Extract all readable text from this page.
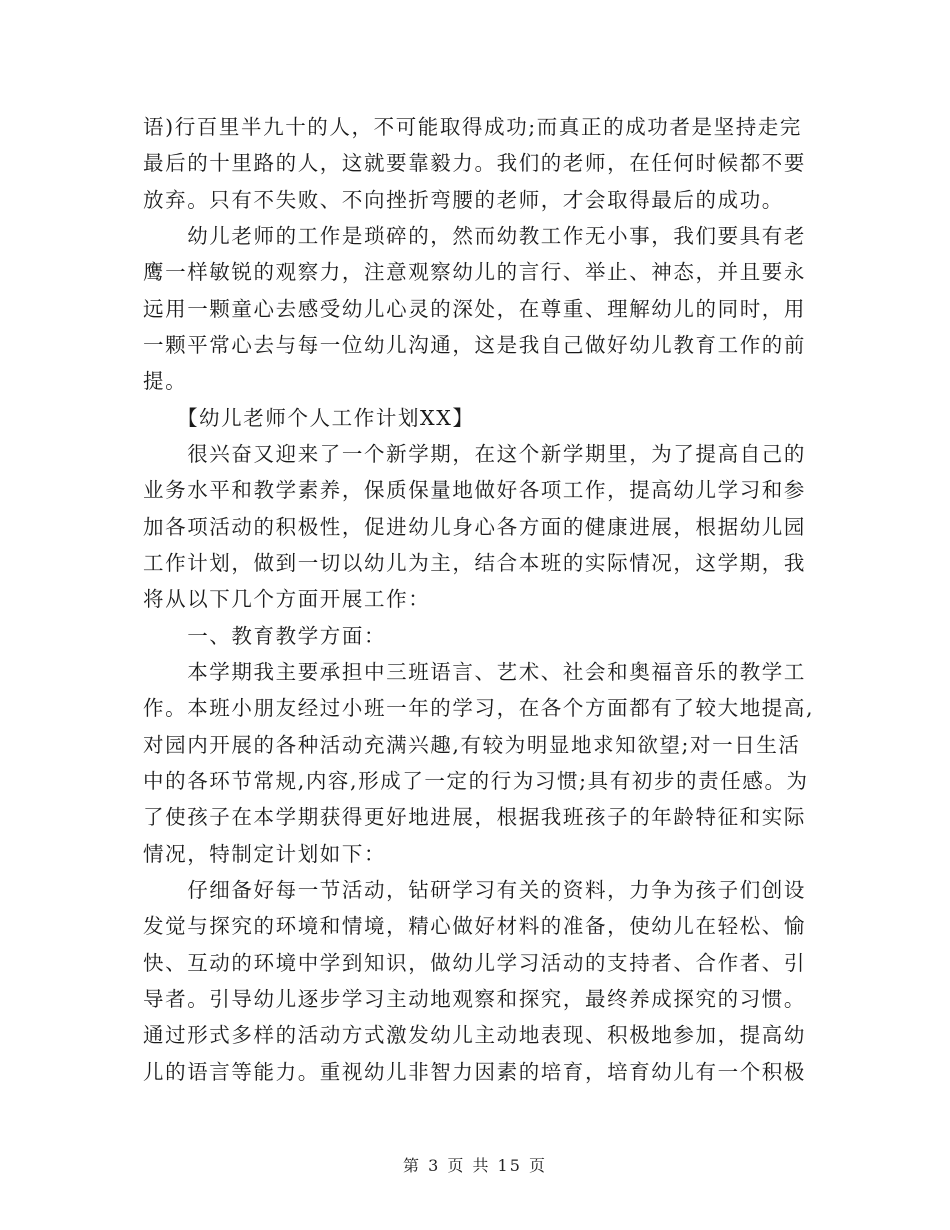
语)行百里半九十的人，不可能取得成功;而真正的成功者是坚持走完
最后的十里路的人，这就要靠毅力。我们的老师，在任何时候都不要
放弃。只有不失败、不向挫折弯腰的老师，才会取得最后的成功。
　　幼儿老师的工作是琐碎的，然而幼教工作无小事，我们要具有老
鹰一样敏锐的观察力，注意观察幼儿的言行、举止、神态，并且要永
远用一颗童心去感受幼儿心灵的深处，在尊重、理解幼儿的同时，用
一颗平常心去与每一位幼儿沟通，这是我自己做好幼儿教育工作的前
提。
　　【幼儿老师个人工作计划XX】
　　很兴奋又迎来了一个新学期，在这个新学期里，为了提高自己的
业务水平和教学素养，保质保量地做好各项工作，提高幼儿学习和参
加各项活动的积极性，促进幼儿身心各方面的健康进展，根据幼儿园
工作计划，做到一切以幼儿为主，结合本班的实际情况，这学期，我
将从以下几个方面开展工作：
　　一、教育教学方面：
　　本学期我主要承担中三班语言、艺术、社会和奥福音乐的教学工
作。本班小朋友经过小班一年的学习，在各个方面都有了较大地提高,
对园内开展的各种活动充满兴趣,有较为明显地求知欲望;对一日生活
中的各环节常规,内容,形成了一定的行为习惯;具有初步的责任感。为
了使孩子在本学期获得更好地进展，根据我班孩子的年龄特征和实际
情况，特制定计划如下：
　　仔细备好每一节活动，钻研学习有关的资料，力争为孩子们创设
发觉与探究的环境和情境，精心做好材料的准备，使幼儿在轻松、愉
快、互动的环境中学到知识，做幼儿学习活动的支持者、合作者、引
导者。引导幼儿逐步学习主动地观察和探究，最终养成探究的习惯。
通过形式多样的活动方式激发幼儿主动地表现、积极地参加，提高幼
儿的语言等能力。重视幼儿非智力因素的培育，培育幼儿有一个积极
第 3 页 共 15 页
